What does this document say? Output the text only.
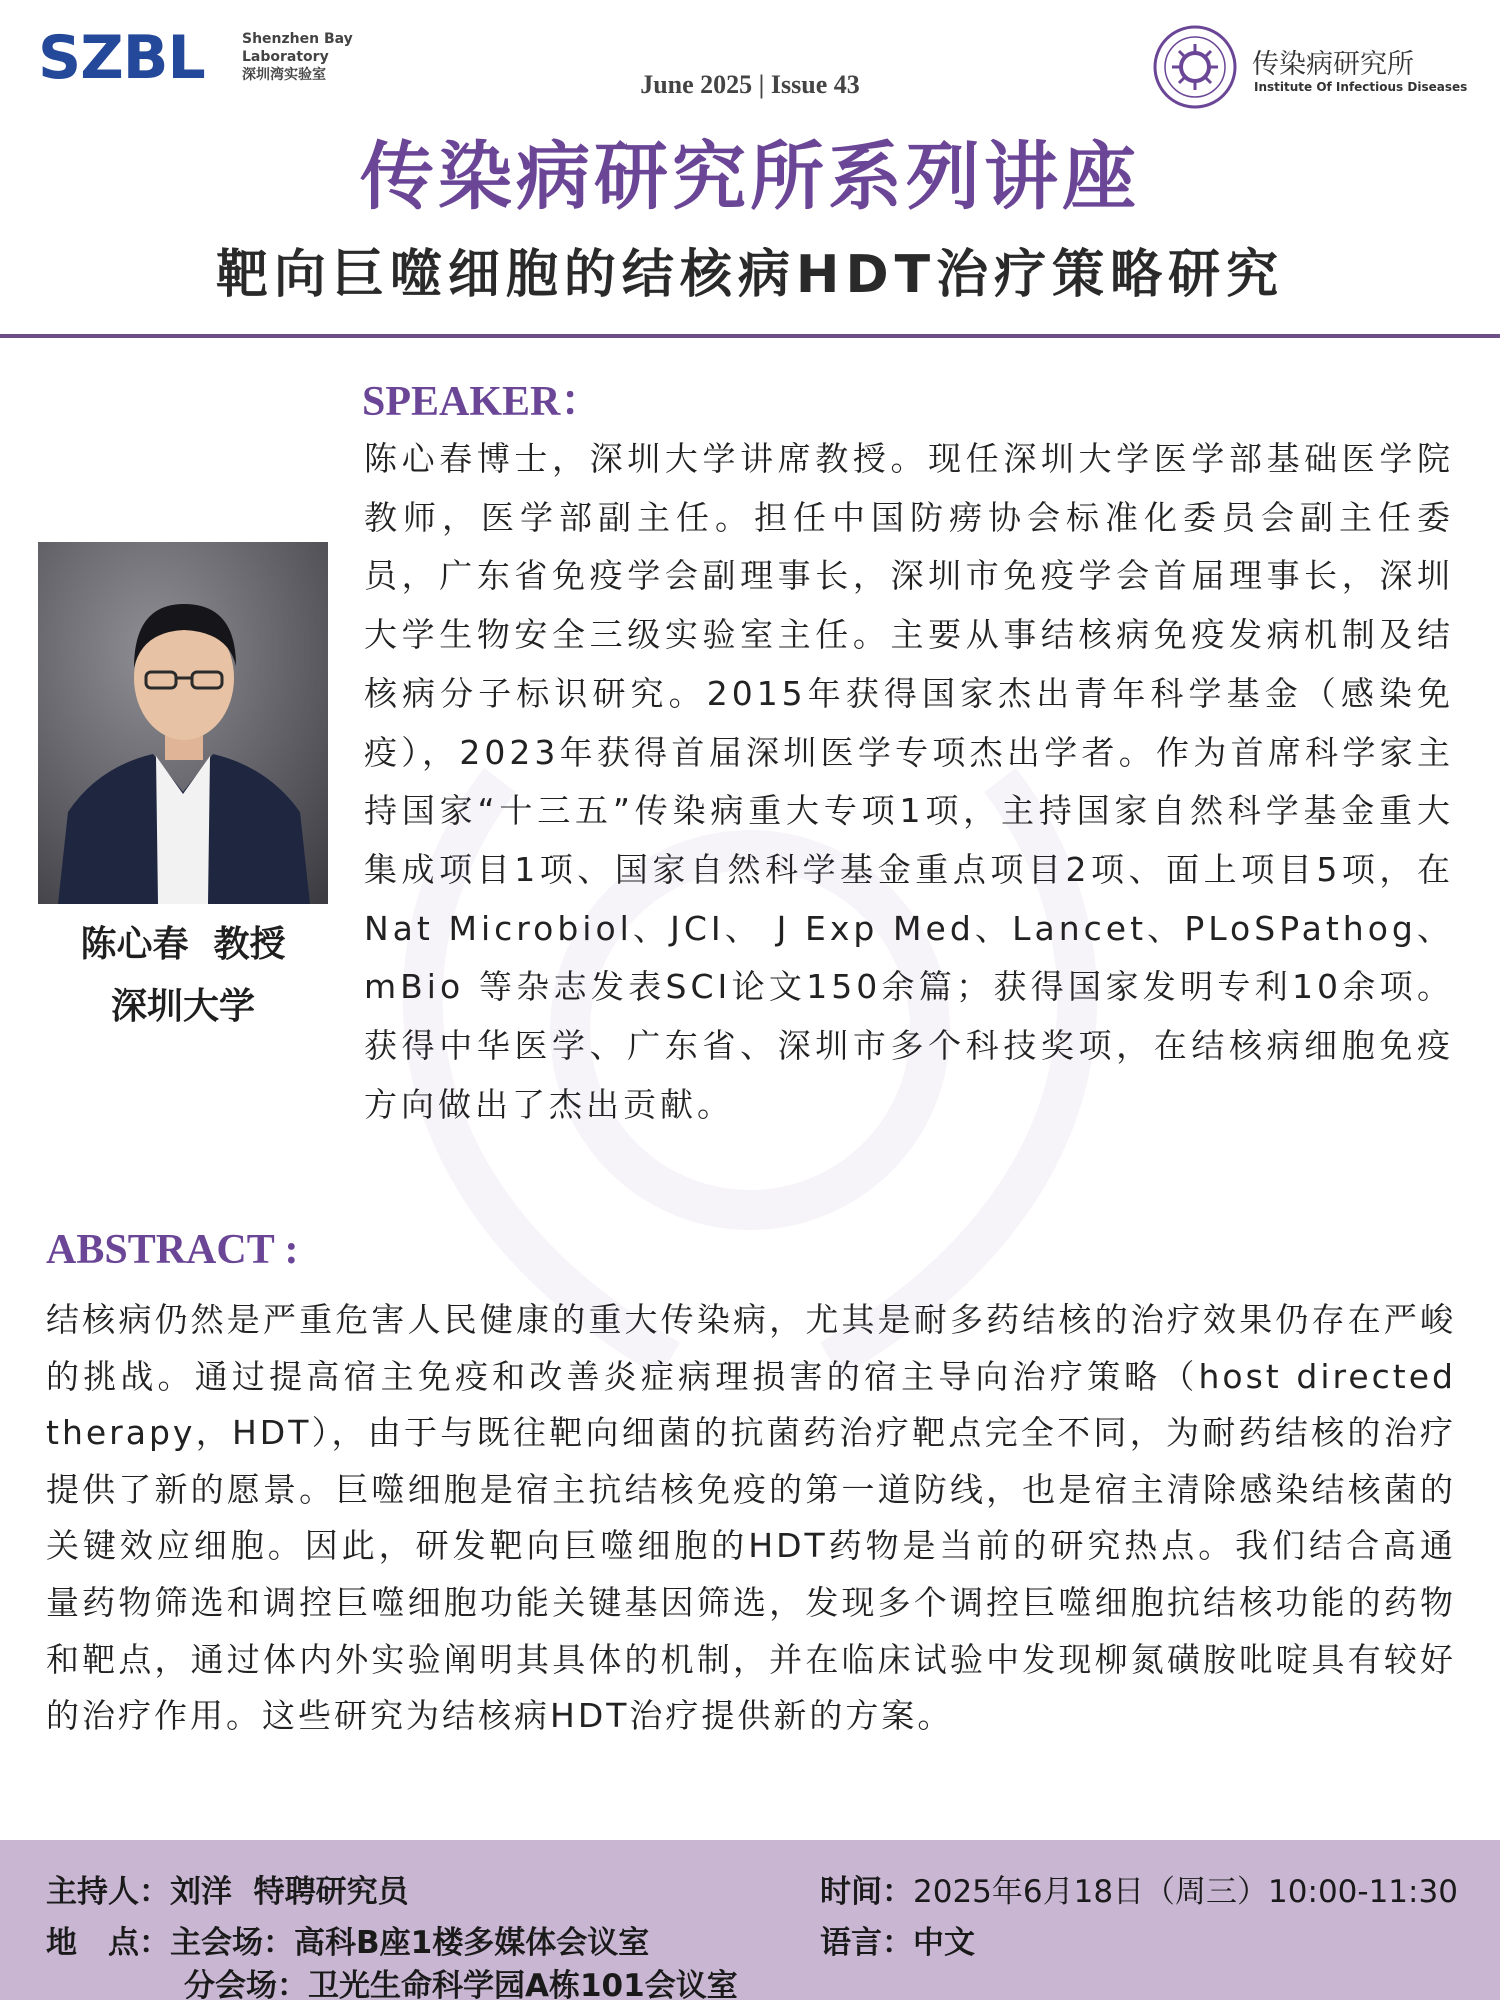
SZBL	Shenzhen Bay
Laboratory
深圳湾实验室	June 2025 | Issue 43
传染病研究所
Institute Of Infectious Diseases
传染病研究所系列讲座
靶向巨噬细胞的结核病HDT治疗策略研究
SPEAKER：
陈心春  教授
深圳大学
陈心春博士，深圳大学讲席教授。现任深圳大学医学部基础医学院教师，医学部副主任。担任中国防痨协会标准化委员会副主任委员，广东省免疫学会副理事长，深圳市免疫学会首届理事长，深圳大学生物安全三级实验室主任。主要从事结核病免疫发病机制及结核病分子标识研究。2015年获得国家杰出青年科学基金（感染免疫），2023年获得首届深圳医学专项杰出学者。作为首席科学家主持国家“十三五”传染病重大专项1项，主持国家自然科学基金重大集成项目1项、国家自然科学基金重点项目2项、面上项目5项，在Nat Microbiol、JCI、 J Exp Med、Lancet、PLoSPathog、mBio 等杂志发表SCI论文150余篇；获得国家发明专利10余项。获得中华医学、广东省、深圳市多个科技奖项，在结核病细胞免疫方向做出了杰出贡献。
ABSTRACT :
结核病仍然是严重危害人民健康的重大传染病，尤其是耐多药结核的治疗效果仍存在严峻的挑战。通过提高宿主免疫和改善炎症病理损害的宿主导向治疗策略（host directed therapy，HDT），由于与既往靶向细菌的抗菌药治疗靶点完全不同，为耐药结核的治疗提供了新的愿景。巨噬细胞是宿主抗结核免疫的第一道防线，也是宿主清除感染结核菌的关键效应细胞。因此，研发靶向巨噬细胞的HDT药物是当前的研究热点。我们结合高通量药物筛选和调控巨噬细胞功能关键基因筛选，发现多个调控巨噬细胞抗结核功能的药物和靶点，通过体内外实验阐明其具体的机制，并在临床试验中发现柳氮磺胺吡啶具有较好的治疗作用。这些研究为结核病HDT治疗提供新的方案。
主持人：刘洋  特聘研究员
地　点：主会场：高科B座1楼多媒体会议室
分会场：卫光生命科学园A栋101会议室
时间：2025年6月18日（周三）10:00-11:30
语言：中文
